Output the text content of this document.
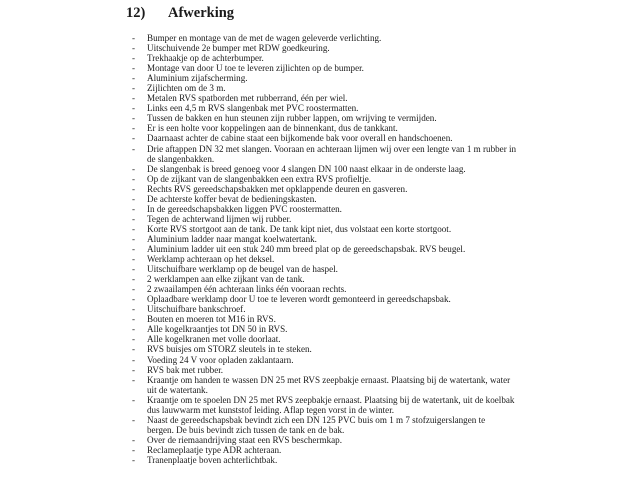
12) Afwerking
- Bumper en montage van de met de wagen geleverde verlichting.
- Uitschuivende 2e bumper met RDW goedkeuring.
- Trekhaakje op de achterbumper.
- Montage van door U toe te leveren zijlichten op de bumper.
- Aluminium zijafscherming.
- Zijlichten om de 3 m.
- Metalen RVS spatborden met rubberrand, één per wiel.
- Links een 4,5 m RVS slangenbak met PVC roostermatten.
- Tussen de bakken en hun steunen zijn rubber lappen, om wrijving te vermijden.
- Er is een holte voor koppelingen aan de binnenkant, dus de tankkant.
- Daarnaast achter de cabine staat een bijkomende bak voor overall en handschoenen.
- Drie aftappen DN 32 met slangen. Vooraan en achteraan lijmen wij over een lengte van 1 m rubber in
de slangenbakken.
- De slangenbak is breed genoeg voor 4 slangen DN 100 naast elkaar in de onderste laag.
- Op de zijkant van de slangenbakken een extra RVS profieltje.
- Rechts RVS gereedschapsbakken met opklappende deuren en gasveren.
- De achterste koffer bevat de bedieningskasten.
- In de gereedschapsbakken liggen PVC roostermatten.
- Tegen de achterwand lijmen wij rubber.
- Korte RVS stortgoot aan de tank. De tank kipt niet, dus volstaat een korte stortgoot.
- Aluminium ladder naar mangat koelwatertank.
- Aluminium ladder uit een stuk 240 mm breed plat op de gereedschapsbak. RVS beugel.
- Werklamp achteraan op het deksel.
- Uitschuifbare werklamp op de beugel van de haspel.
- 2 werklampen aan elke zijkant van de tank.
- 2 zwaailampen één achteraan links één vooraan rechts.
- Oplaadbare werklamp door U toe te leveren wordt gemonteerd in gereedschapsbak.
- Uitschuifbare bankschroef.
- Bouten en moeren tot M16 in RVS.
- Alle kogelkraantjes tot DN 50 in RVS.
- Alle kogelkranen met volle doorlaat.
- RVS buisjes om STORZ sleutels in te steken.
- Voeding 24 V voor opladen zaklantaarn.
- RVS bak met rubber.
- Kraantje om handen te wassen DN 25 met RVS zeepbakje ernaast. Plaatsing bij de watertank, water
uit de watertank.
- Kraantje om te spoelen DN 25 met RVS zeepbakje ernaast. Plaatsing bij de watertank, uit de koelbak
dus lauwwarm met kunststof leiding. Aflap tegen vorst in de winter.
- Naast de gereedschapsbak bevindt zich een DN 125 PVC buis om 1 m 7 stofzuigerslangen te
bergen. De buis bevindt zich tussen de tank en de bak.
- Over de riemaandrijving staat een RVS beschermkap.
- Reclameplaatje type ADR achteraan.
- Tranenplaatje boven achterlichtbak.
